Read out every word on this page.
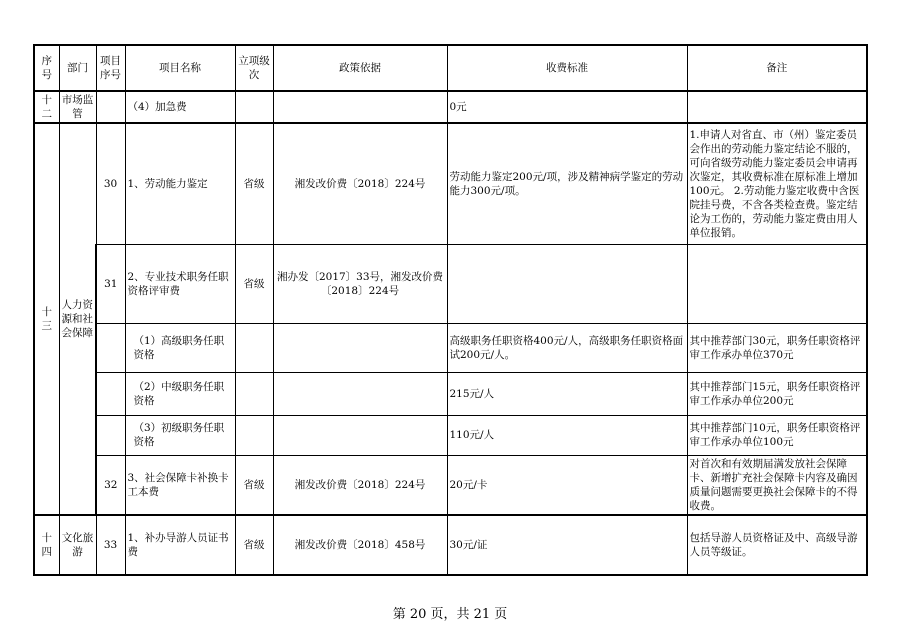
序号	部门	项目序号	项目名称	立项级次	政策依据	收费标准	备注
十二	市场监管		（4）加急费			0元	
十三	人力资源和社会保障	30	1、劳动能力鉴定	省级	湘发改价费〔2018〕224号	劳动能力鉴定200元/项，涉及精神病学鉴定的劳动能力300元/项。	1.申请人对省直、市（州）鉴定委员会作出的劳动能力鉴定结论不服的，可向省级劳动能力鉴定委员会申请再次鉴定，其收费标准在原标准上增加100元。 2.劳动能力鉴定收费中含医院挂号费，不含各类检查费。鉴定结论为工伤的，劳动能力鉴定费由用人单位报销。
		31	2、专业技术职务任职资格评审费	省级	湘办发〔2017〕33号，湘发改价费〔2018〕224号		
			（1）高级职务任职资格			高级职务任职资格400元/人，高级职务任职资格面试200元/人。	其中推荐部门30元，职务任职资格评审工作承办单位370元
			（2）中级职务任职资格			215元/人	其中推荐部门15元，职务任职资格评审工作承办单位200元
			（3）初级职务任职资格			110元/人	其中推荐部门10元，职务任职资格评审工作承办单位100元
		32	3、社会保障卡补换卡工本费	省级	湘发改价费〔2018〕224号	20元/卡	对首次和有效期届满发放社会保障卡、新增扩充社会保障卡内容及确因质量问题需要更换社会保障卡的不得收费。
十四	文化旅游	33	1、补办导游人员证书费	省级	湘发改价费〔2018〕458号	30元/证	包括导游人员资格证及中、高级导游人员等级证。
第 20 页，共 21 页
